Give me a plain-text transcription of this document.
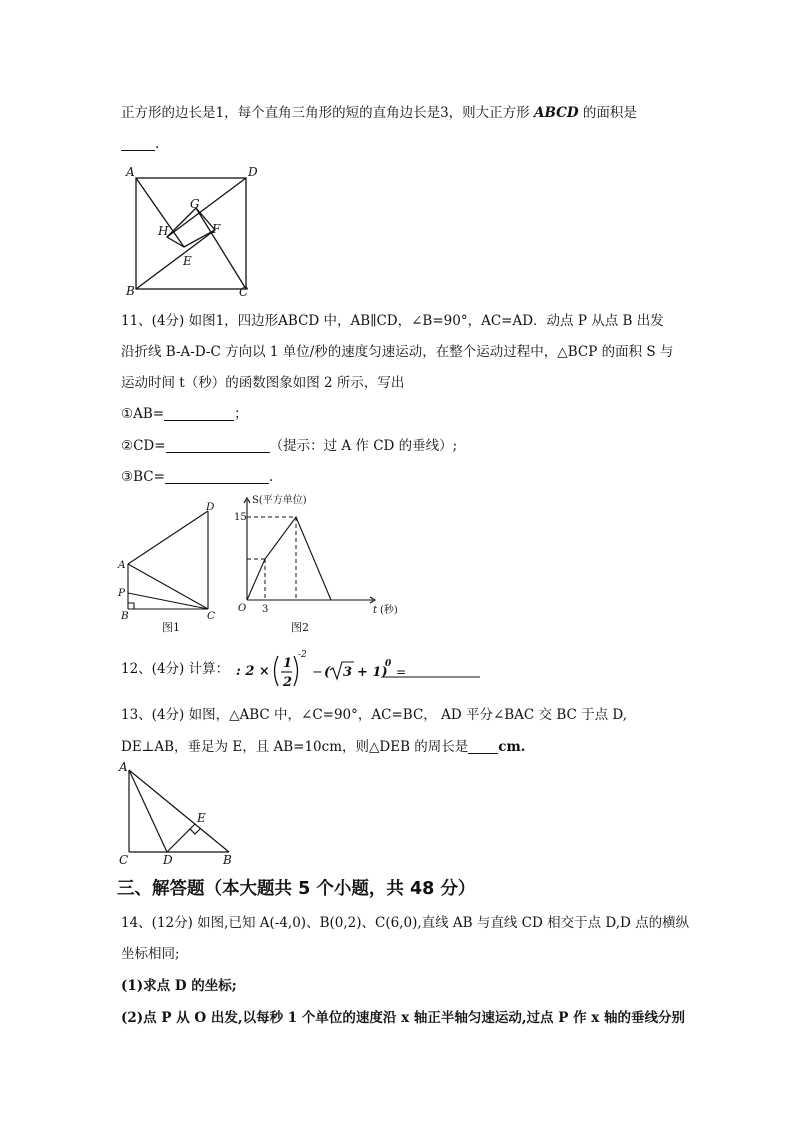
正方形的边长是1，每个直角三角形的短的直角边长是3，则大正方形 ABCD 的面积是
.
A	D
B	C
G
H	F
E
11、(4分) 如图1，四边形ABCD 中，AB∥CD，∠B=90°，AC=AD．动点 P 从点 B 出发
沿折线 B-A-D-C 方向以 1 单位/秒的速度匀速运动，在整个运动过程中，△BCP 的面积 S 与
运动时间 t（秒）的函数图象如图 2 所示，写出
①AB=	；
②CD=	（提示：过 A 作 CD 的垂线）;
③BC=	.
A
P
B	C
D
图1
S(平方单位)
15
3
O	t (秒)
图2
12、(4分) 计算： : 2 ×
1
2
-2
− ( 3 + 1)
0
=
13、(4分) 如图，△ABC 中，∠C=90°，AC=BC， AD 平分∠BAC 交 BC 于点 D,
DE⊥AB，垂足为 E，且 AB=10cm，则△DEB 的周长是 cm.
A
E
C	D	B
三、解答题（本大题共 5 个小题，共 48 分）
14、(12分) 如图,已知 A(-4,0)、B(0,2)、C(6,0),直线 AB 与直线 CD 相交于点 D,D 点的横纵
坐标相同;
(1)求点 D 的坐标;
(2)点 P 从 O 出发,以每秒 1 个单位的速度沿 x 轴正半轴匀速运动,过点 P 作 x 轴的垂线分别
